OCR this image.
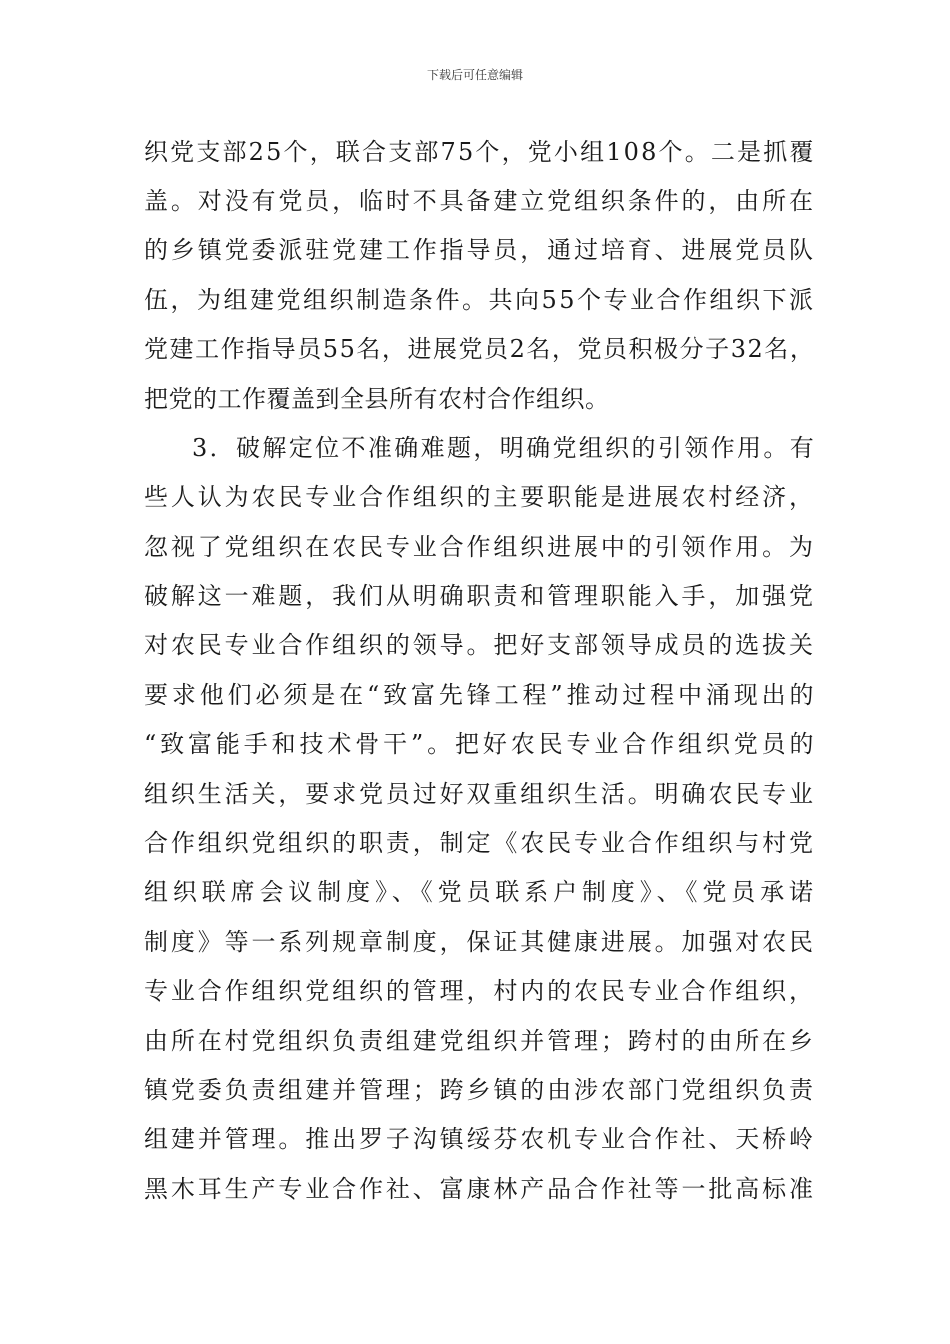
下载后可任意编辑
织党支部25个，联合支部75个，党小组108个。二是抓覆
盖。对没有党员，临时不具备建立党组织条件的，由所在
的乡镇党委派驻党建工作指导员，通过培育、进展党员队
伍，为组建党组织制造条件。共向55个专业合作组织下派
党建工作指导员55名，进展党员2名，党员积极分子32名，
把党的工作覆盖到全县所有农村合作组织。
3．破解定位不准确难题，明确党组织的引领作用。有
些人认为农民专业合作组织的主要职能是进展农村经济，
忽视了党组织在农民专业合作组织进展中的引领作用。为
破解这一难题，我们从明确职责和管理职能入手，加强党
对农民专业合作组织的领导。把好支部领导成员的选拔关
要求他们必须是在“致富先锋工程”推动过程中涌现出的
“致富能手和技术骨干”。把好农民专业合作组织党员的
组织生活关，要求党员过好双重组织生活。明确农民专业
合作组织党组织的职责，制定《农民专业合作组织与村党
组织联席会议制度》、《党员联系户制度》、《党员承诺
制度》等一系列规章制度，保证其健康进展。加强对农民
专业合作组织党组织的管理，村内的农民专业合作组织，
由所在村党组织负责组建党组织并管理；跨村的由所在乡
镇党委负责组建并管理；跨乡镇的由涉农部门党组织负责
组建并管理。推出罗子沟镇绥芬农机专业合作社、天桥岭
黑木耳生产专业合作社、富康林产品合作社等一批高标准
